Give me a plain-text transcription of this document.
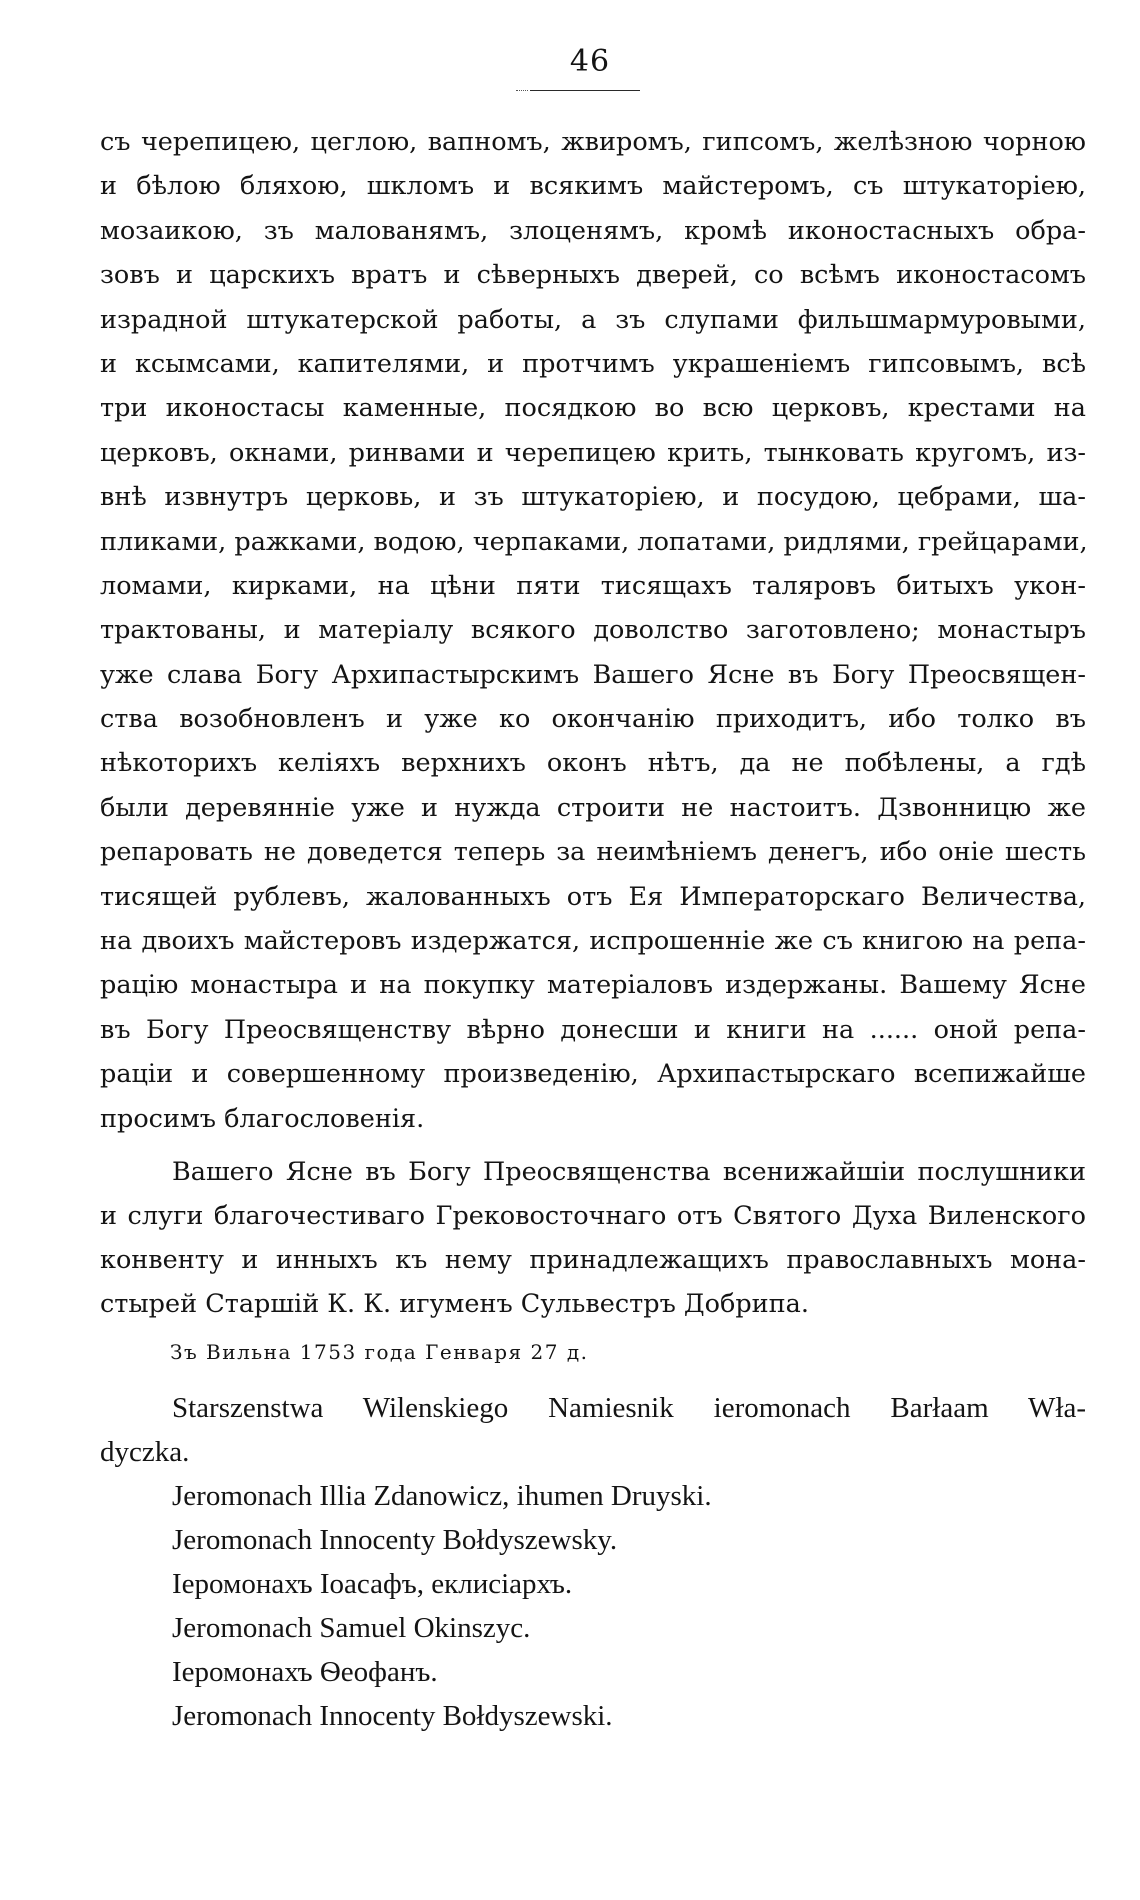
46
съ черепицею, цеглою, вапномъ, жвиромъ, гипсомъ, желѣзною чорною
и бѣлою бляхою, шкломъ и всякимъ майстеромъ, съ штукаторіею,
мозаикою, зъ малованямъ, злоценямъ, кромѣ иконостасныхъ обра-
зовъ и царскихъ вратъ и сѣверныхъ дверей, со всѣмъ иконостасомъ
израдной штукатерской работы, а зъ слупами фильшмармуровыми,
и ксымсами, капителями, и протчимъ украшеніемъ гипсовымъ, всѣ
три иконостасы каменные, посядкою во всю церковъ, крестами на
церковъ, окнами, ринвами и черепицею крить, тынковать кругомъ, из-
внѣ извнутръ церковь, и зъ штукаторіею, и посудою, цебрами, ша-
пликами, ражками, водою, черпаками, лопатами, ридлями, грейцарами,
ломами, кирками, на цѣни пяти тисящахъ таляровъ битыхъ укон-
трактованы, и матеріалу всякого доволство заготовлено; монастыръ
уже слава Богу Архипастырскимъ Вашего Ясне въ Богу Преосвящен-
ства возобновленъ и уже ко окончанію приходитъ, ибо толко въ
нѣкоторихъ келіяхъ верхнихъ оконъ нѣтъ, да не побѣлены, а гдѣ
были деревянніе уже и нужда строити не настоитъ. Дзвонницю же
репаровать не доведется теперь за неимѣніемъ денегъ, ибо оніе шесть
тисящей рублевъ, жалованныхъ отъ Ея Императорскаго Величества,
на двоихъ майстеровъ издержатся, испрошенніе же съ книгою на репа-
рацію монастыра и на покупку матеріаловъ издержаны. Вашему Ясне
въ Богу Преосвященству вѣрно донесши и книги на ...... оной репа-
раціи и совершенному произведенію, Архипастырскаго всепижайше
просимъ благословенія.
Вашего Ясне въ Богу Преосвященства всенижайшіи послушники
и слуги благочестиваго Грековосточнаго отъ Святого Духа Виленского
конвенту и инныхъ къ нему принадлежащихъ православныхъ мона-
стырей Старшій К. К. игуменъ Сульвестръ Добрипа.
Зъ Вильна 1753 года Генваря 27 д.
Starszenstwa Wilenskiego Namiesnik ieromonach Barłaam Wła-
dyczka.
Jeromonach Illia Zdanowicz, ihumen Druyski.
Jeromonach Innocenty Bołdyszewsky.
Іеромонахъ Іоасафъ, еклисіархъ.
Jeromonach Samuel Okinszyc.
Іеромонахъ Ѳеофанъ.
Jeromonach Innocenty Bołdyszewski.
